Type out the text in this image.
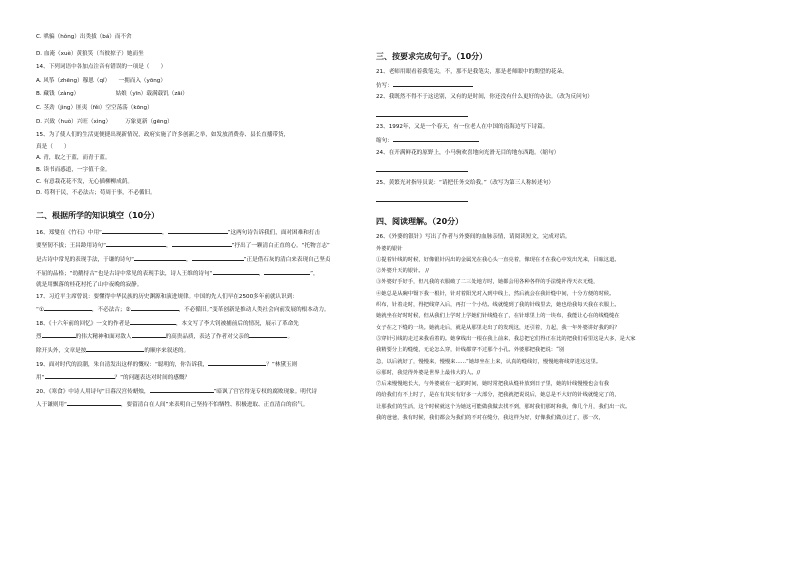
C. 哄骗（hǒng）出类拔（bá）而不舍

D. 血淹（xuè）黄狼笑（当彼掠子）她而坐

14、下列词语中各加点注音有错误的一项是（　　）

A. 风筝（zhēng）穆恩（qǐ）　　一拥而入（yōng）

B. 藏钱（zàng）　　　　　　　姑娘（yīn）载满载饥（zāi）

C. 茎劲（jìng）匪夷（fěi）空空荡荡（kōng）

D. 兴致（huò）兴旺（xìng）　　　万象更新（gēng）

15、为了使人们的生活更便捷出现新情况，政府实施了许多创新之举，如发放消费券、县长直播带货，

真是（　　）

A. 青，取之于蓝，而青于蓝。

B. 读书而惑道，一字值千金。

C. 有意栽花花不发，无心插柳柳成荫。

D. 苟利于民，不必法古；苟周于事，不必循旧。

二、根据所学的知识填空（10分）

16、郑燮在《竹石》中用“	，	”这两句诗告诉我们，面对困难和打击

要坚韧不拔；王昌龄用诗句“	，	”抒出了一颗清白正直的心。“托物言志”

是古诗中常见的表现手法，于谦的诗句“	，	”正是借石灰的清白来表现自己坚贞

不屈的品格；“幼鹅恃古”也是古诗中常见的表现手法，诗人王维的诗句“	，	”，

就是用飘落的桂花衬托了山中夜晚的寂静。

17、习近平主席曾说：要懂得中华民族的历史渊源和演进规律。中国的先人们早在2500多年前就认识到：

“①	，不必法古；②	，不必循旧。”变革创新是推动人类社会向前发展的根本动力。

18、《十六年前的回忆》一文的作者是	，本文写了李大钊被捕前后的情况，展示了革命先

烈	的伟大精神和面对敌人	的高贵品质，表达了作者对父亲的	。

除开头外，文章是按	的顺序来叙述的。

19、面对时代的浪潮，朱自清发出这样的慨叹：“聪明的，你告诉我，	？”林黛玉则

用“	？”的问题表达对时间的感慨？

20、《寒食》中诗人用诗句“日暮汉宫传蜡烛，	”暗讽了宫官得宠专权的腐败现象。明代诗

人于谦则用“	，要留清白在人间”来表明自己坚持不怕牺牲、积极进取、正直清白的宿气。

三、按要求完成句子。（10分）

21、老师用眼看着我笔尖，不，那不是我笔尖，那是老师眼中的期望的花朵。

仿写：

22、我既然不得不于这送别，又有的是时间，你还没有什么更好的办法。（改为反问句）

23、1992年，又是一个春天，有一位老人在中国的南海边写下诗篇。

缩句：

24、在开满鲜花的原野上，小马驹欢喜地向光滑无目的地东西跑。（缩句）

25、黄繁光对指导员说：“请把任务交给我。”（改写为第三人称转述句）

四、阅读理解。（20分）

26、《外婆的银针》写出了作者与外婆间的血脉亲情，请阅读短文，完成对话。

外婆的银针

①提着针线的时候，好像银针闪出的金属光在我心头一直亮着，像现在才在我心中发出光来，目眩这道。

②外婆升天的银针。 //

③外婆好手好手，但凡我的衣服破了二三处地方时，她都会用各种各样的手法缝补得天衣无缝，

④她总是从碗中镊下我一根针，针对着阳光对入到中线上，然后就会在我针缝中间，十分方便的时候。

织布，针着走时，得把线穿入后，再打一个小结。线就缝到了我的针线里去，她也给我每天我在衣服上。

她就坐在好时时候，但从我们上学时上学她们针线缝在了，在针球里上的一块布，我能让心在的线缝缝在

女子在之下缝的一块。她就走后，就是从那里走出了的发现这，还引着，力起，我一年外婆讲好我的吗？

⑤穿针引线的走过来我看着的。她拿线出一根在我上前来，我总把它们得正在比的把我们看里这是大多，是大家

我精要分上的缝缝，无论怎么穿，针线都穿不过那个小孔。外婆那把我把说：“别

急，以后就好了，慢慢来，慢慢来……”她却坐在上来，认真的缝线钉，慢慢地将线穿进这这里。

⑥那时，我觉得外婆是世界上最伟大的人。//

⑦后来慢慢地长大，与外婆就在一起的时间，她时常把我从缝补放到日子里，她的针线慢慢也会有我

的给我们有不上时了，是在有其实有好多一大部分，把我就把说说后，她总是不大好的针线就缝完了的，

让那我们的生活，这个时候就这个为她这可能做我做去找不到，那时我们那时和我，像几个月，我们出一次。

我的爸爸，我有时候，我们都会为我们的不对在缝分，我这样为好，好像我们做点过了，那一次，
